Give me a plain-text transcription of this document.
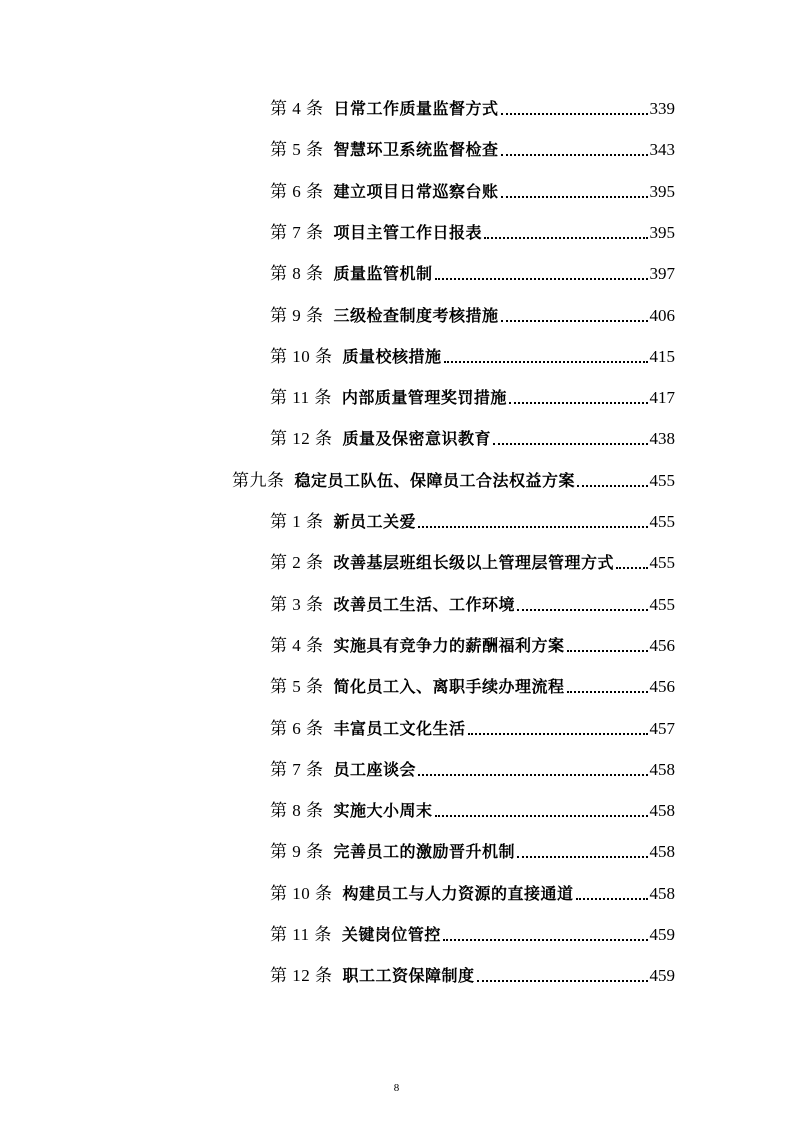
第 4 条 日常工作质量监督方式	339
第 5 条 智慧环卫系统监督检查	343
第 6 条 建立项目日常巡察台账	395
第 7 条 项目主管工作日报表	395
第 8 条 质量监管机制	397
第 9 条 三级检查制度考核措施	406
第 10 条 质量校核措施	415
第 11 条 内部质量管理奖罚措施	417
第 12 条 质量及保密意识教育	438
第九条 稳定员工队伍、保障员工合法权益方案	455
第 1 条 新员工关爱	455
第 2 条 改善基层班组长级以上管理层管理方式 455
第 3 条 改善员工生活、工作环境	455
第 4 条 实施具有竞争力的薪酬福利方案	456
第 5 条 简化员工入、离职手续办理流程	456
第 6 条 丰富员工文化生活	457
第 7 条 员工座谈会	458
第 8 条 实施大小周末	458
第 9 条 完善员工的激励晋升机制	458
第 10 条 构建员工与人力资源的直接通道	458
第 11 条 关键岗位管控	459
第 12 条 职工工资保障制度	459
8
